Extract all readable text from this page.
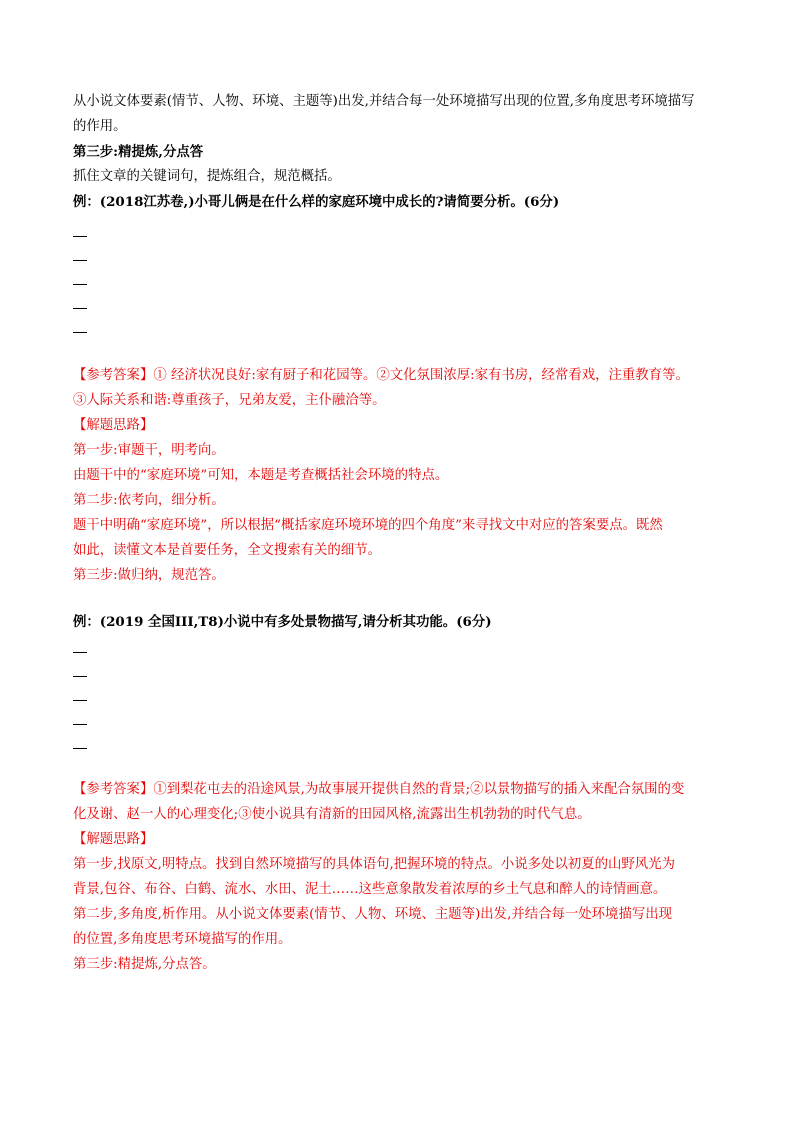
从小说文体要素(情节、人物、环境、主题等)出发,并结合每一处环境描写出现的位置,多角度思考环境描写
的作用。
第三步:精提炼,分点答
抓住文章的关键词句，提炼组合，规范概括。
例：(2018江苏卷,)小哥儿俩是在什么样的家庭环境中成长的?请简要分析。(6分)
【参考答案】① 经济状况良好:家有厨子和花园等。②文化氛围浓厚:家有书房，经常看戏，注重教育等。
③人际关系和谐:尊重孩子，兄弟友爱，主仆融洽等。
【解题思路】
第一步:审题干，明考向。
由题干中的“家庭环境”可知，本题是考查概括社会环境的特点。
第二步:依考向，细分析。
题干中明确“家庭环境”，所以根据“概括家庭环境环境的四个角度”来寻找文中对应的答案要点。既然
如此，读懂文本是首要任务，全文搜索有关的细节。
第三步:做归纳，规范答。
例：(2019 全国III,T8)小说中有多处景物描写,请分析其功能。(6分)
【参考答案】①到梨花屯去的沿途风景,为故事展开提供自然的背景;②以景物描写的插入来配合氛围的变
化及谢、赵一人的心理变化;③使小说具有清新的田园风格,流露出生机勃勃的时代气息。
【解题思路】
第一步,找原文,明特点。找到自然环境描写的具体语句,把握环境的特点。小说多处以初夏的山野风光为
背景,包谷、布谷、白鹤、流水、水田、泥土……这些意象散发着浓厚的乡土气息和醉人的诗情画意。
第二步,多角度,析作用。从小说文体要素(情节、人物、环境、主题等)出发,并结合每一处环境描写出现
的位置,多角度思考环境描写的作用。
第三步:精提炼,分点答。
